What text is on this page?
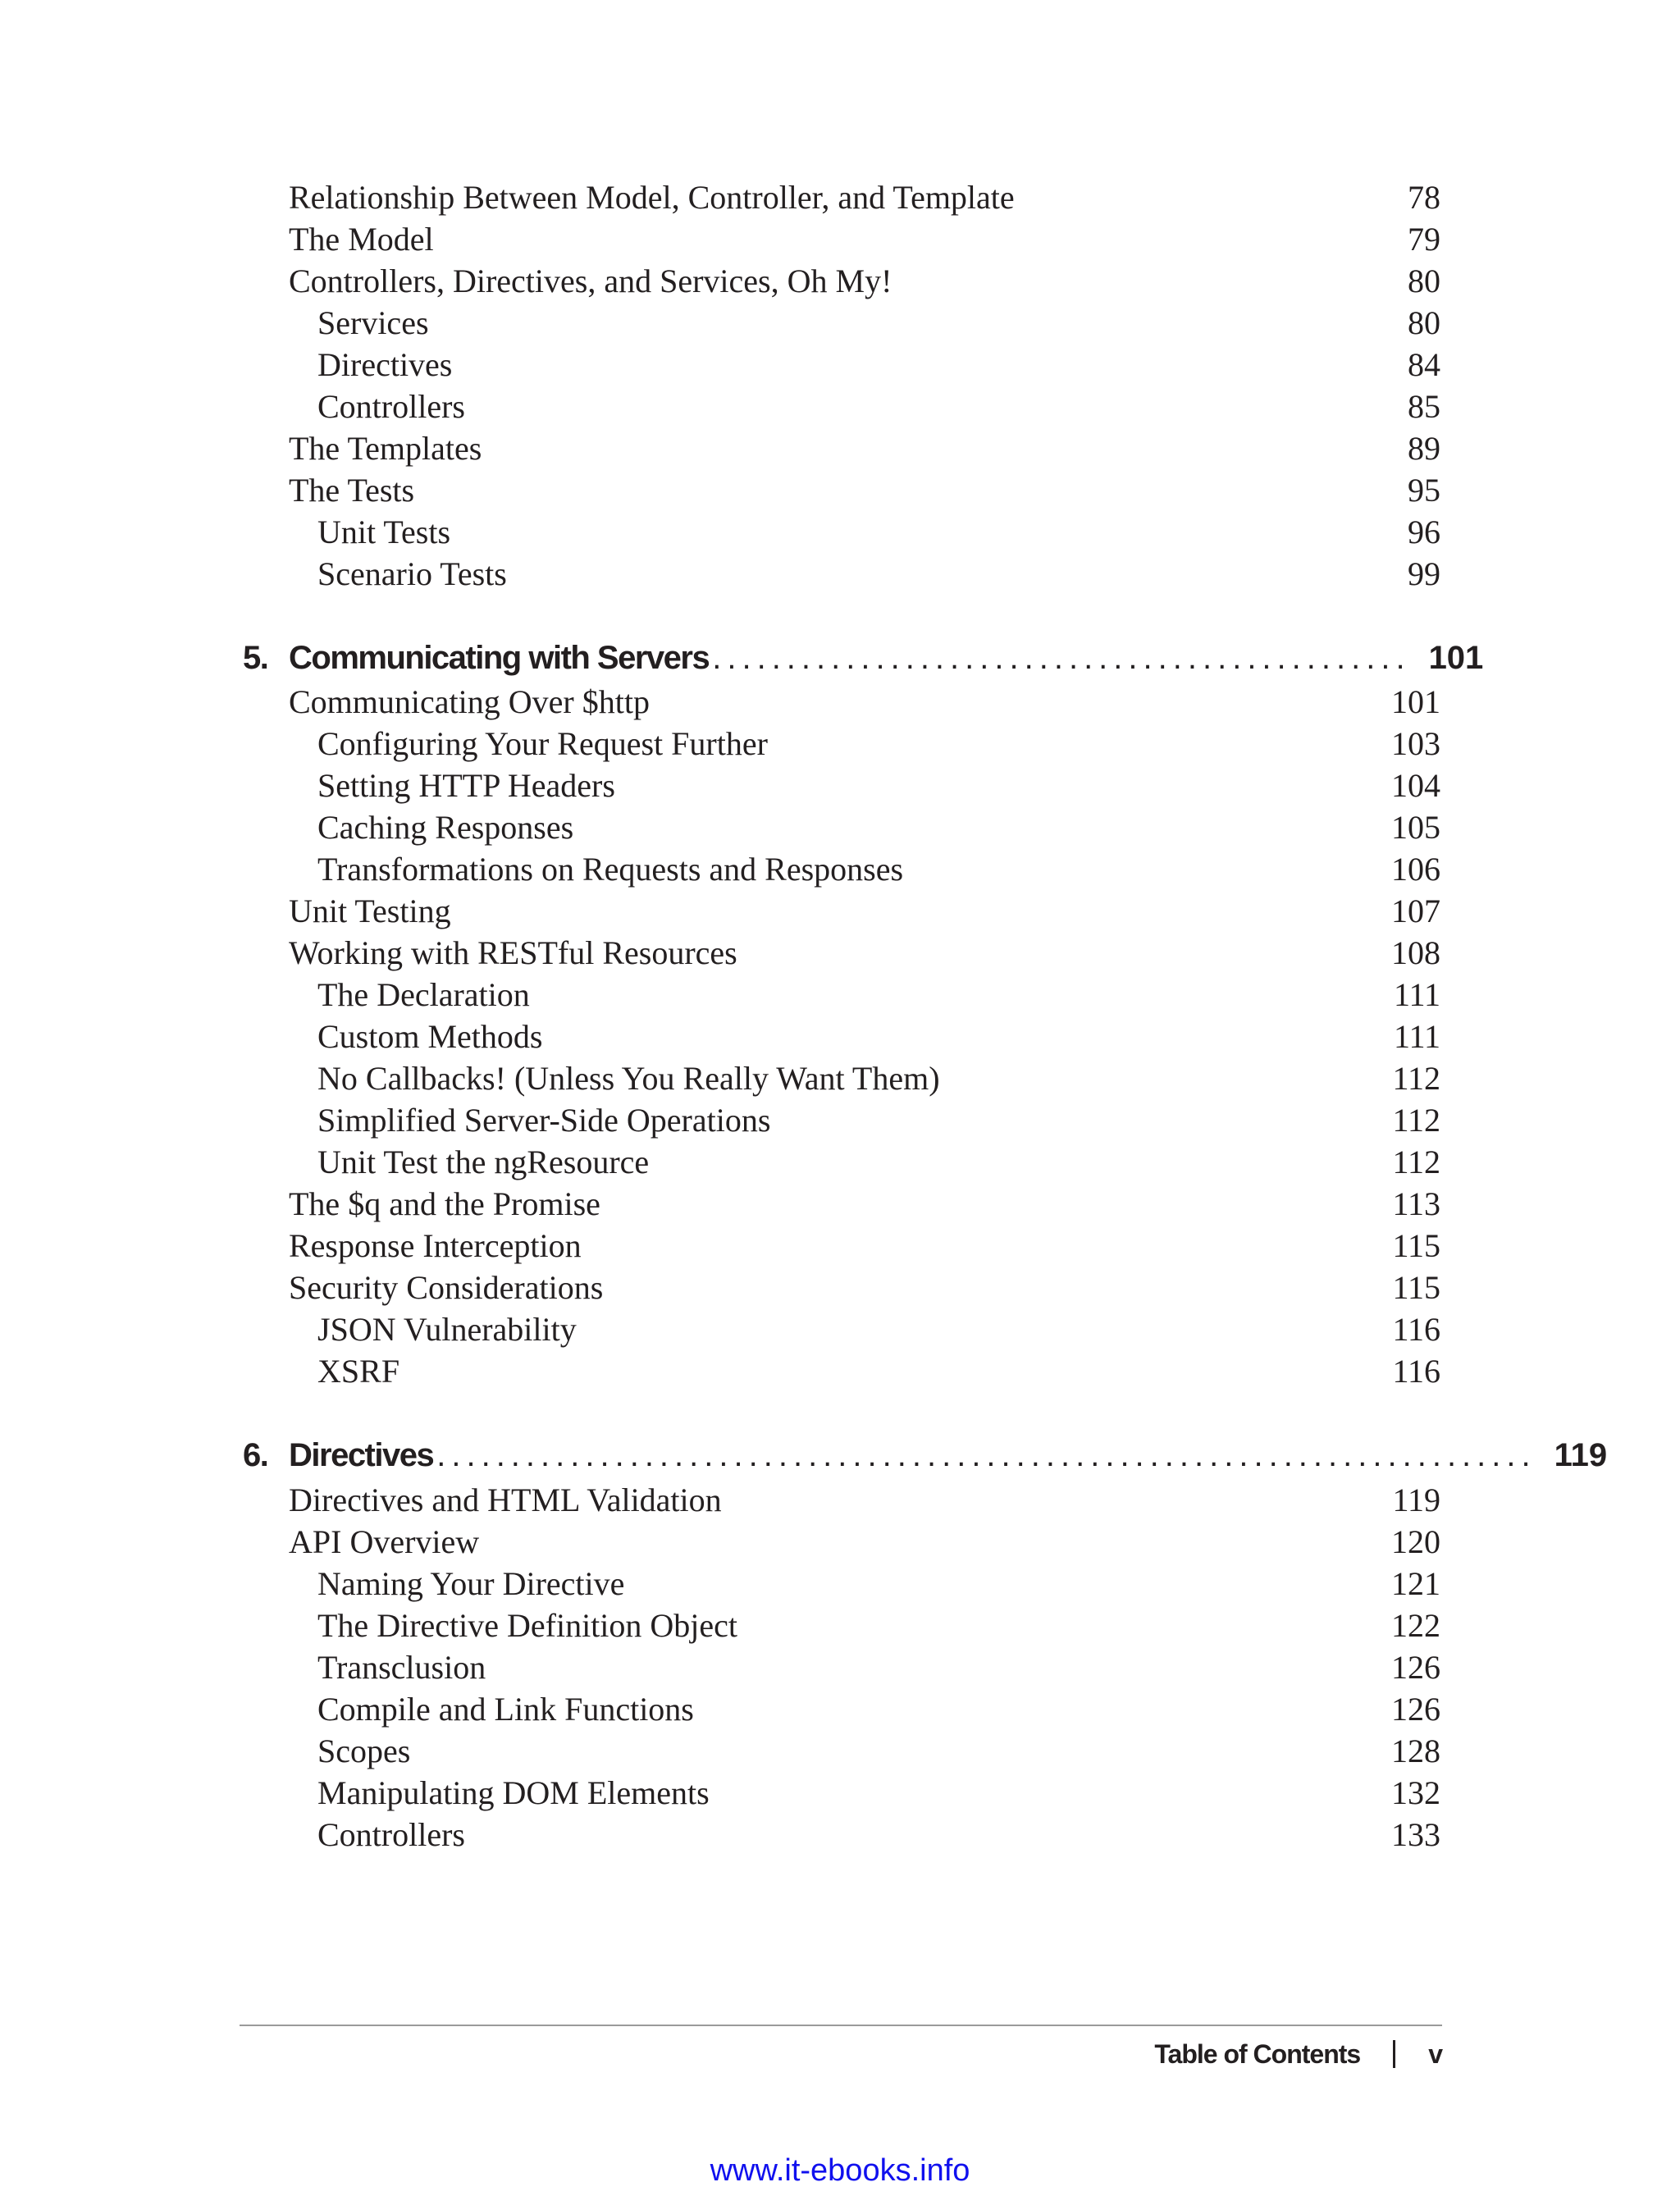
Relationship Between Model, Controller, and Template	78
The Model	79
Controllers, Directives, and Services, Oh My!	80
Services	80
Directives	84
Controllers	85
The Templates	89
The Tests	95
Unit Tests	96
Scenario Tests	99
5. Communicating with Servers ............................................... 101
Communicating Over $http	101
Configuring Your Request Further	103
Setting HTTP Headers	104
Caching Responses	105
Transformations on Requests and Responses	106
Unit Testing	107
Working with RESTful Resources	108
The Declaration	111
Custom Methods	111
No Callbacks! (Unless You Really Want Them)	112
Simplified Server-Side Operations	112
Unit Test the ngResource	112
The $q and the Promise	113
Response Interception	115
Security Considerations	115
JSON Vulnerability	116
XSRF	116
6. Directives .......................................................................... 119
Directives and HTML Validation	119
API Overview	120
Naming Your Directive	121
The Directive Definition Object	122
Transclusion	126
Compile and Link Functions	126
Scopes	128
Manipulating DOM Elements	132
Controllers	133
Table of Contents	v
www.it-ebooks.info
